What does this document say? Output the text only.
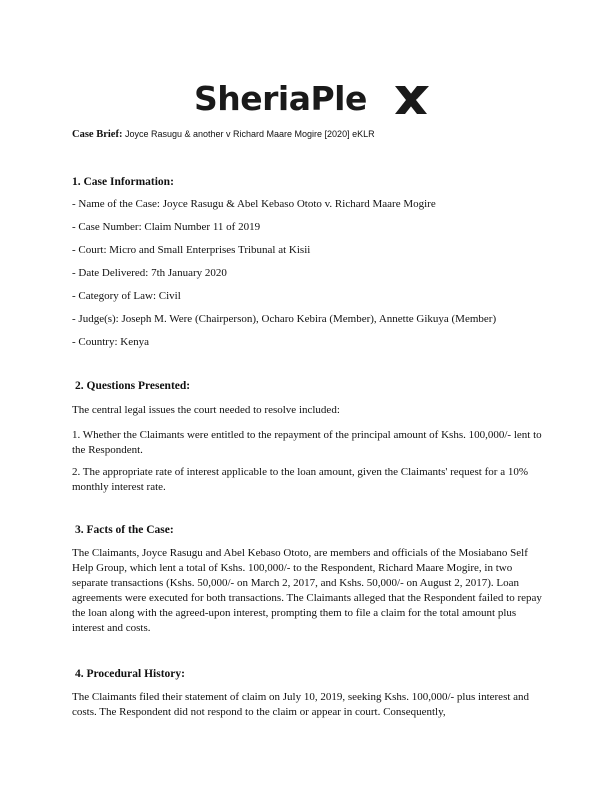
SheriaPle
Case Brief: Joyce Rasugu & another v Richard Maare Mogire [2020] eKLR
1. Case Information:
- Name of the Case: Joyce Rasugu & Abel Kebaso Ototo v. Richard Maare Mogire
- Case Number: Claim Number 11 of 2019
- Court: Micro and Small Enterprises Tribunal at Kisii
- Date Delivered: 7th January 2020
- Category of Law: Civil
- Judge(s): Joseph M. Were (Chairperson), Ocharo Kebira (Member), Annette Gikuya (Member)
- Country: Kenya
2. Questions Presented:
The central legal issues the court needed to resolve included:
1. Whether the Claimants were entitled to the repayment of the principal amount of Kshs. 100,000/- lent to the Respondent.
2. The appropriate rate of interest applicable to the loan amount, given the Claimants' request for a 10% monthly interest rate.
3. Facts of the Case:
The Claimants, Joyce Rasugu and Abel Kebaso Ototo, are members and officials of the Mosiabano Self Help Group, which lent a total of Kshs. 100,000/- to the Respondent, Richard Maare Mogire, in two separate transactions (Kshs. 50,000/- on March 2, 2017, and Kshs. 50,000/- on August 2, 2017). Loan agreements were executed for both transactions. The Claimants alleged that the Respondent failed to repay the loan along with the agreed-upon interest, prompting them to file a claim for the total amount plus interest and costs.
4. Procedural History:
The Claimants filed their statement of claim on July 10, 2019, seeking Kshs. 100,000/- plus interest and costs. The Respondent did not respond to the claim or appear in court. Consequently,
